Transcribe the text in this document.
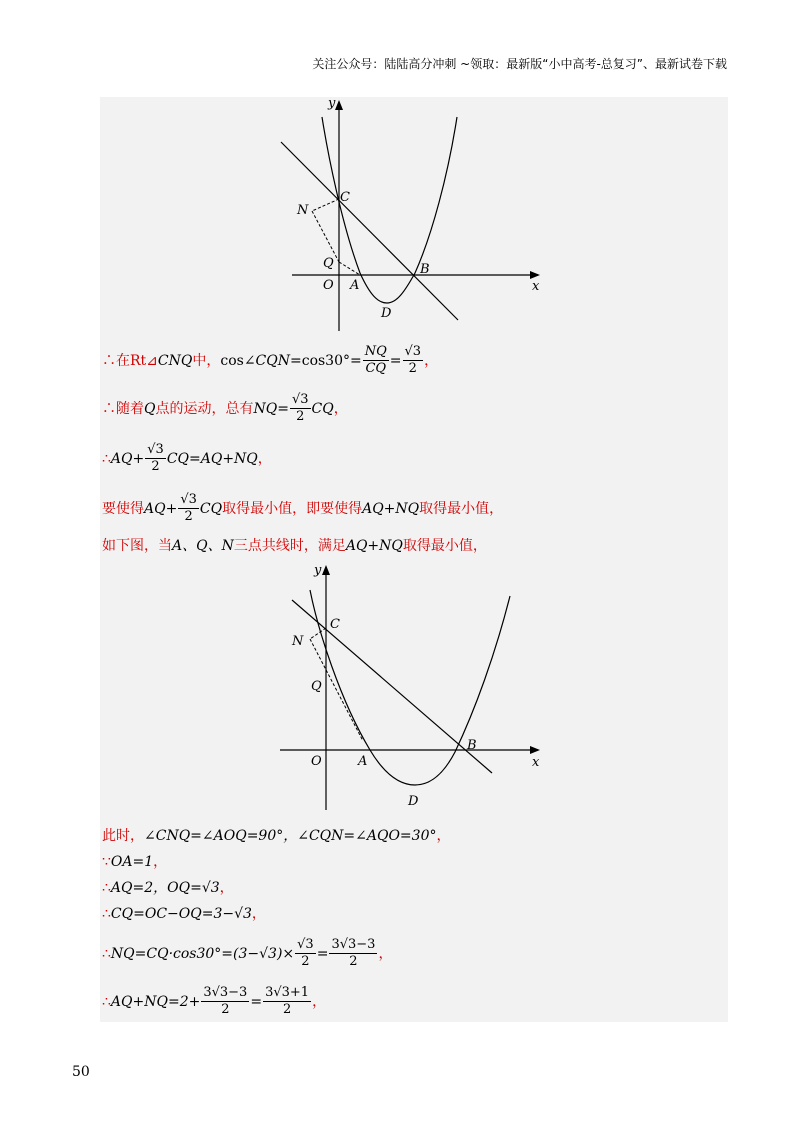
关注公众号：陆陆高分冲刺 ~领取：最新版“小中高考-总复习”、最新试卷下载
y
x
C
N
Q
O A
B
D
∴在Rt⊿CNQ中，cos∠CQN=cos30°= $\frac{NQ}{CQ} = \frac{√3}{2}$ ，
∴随着Q点的运动，总有$NQ= \frac{√3}{2}$ CQ，
∴AQ+ $\frac{√3}{2} CQ=AQ+NQ$，
要使得$AQ+ \frac{√3}{2}$ CQ取得最小值，即要使得AQ+NQ取得最小值，
如下图，当A、Q、N三点共线时，满足AQ+NQ取得最小值，
y
x
C
N
Q
O	A
B
D
此时，∠CNQ=∠AOQ=90°，∠CQN=∠AQO=30°，
∵OA=1，
∴AQ=2，OQ=√3，
∴CQ=OC−OQ=3−√3，
∴NQ=CQ·cos30°=(3−√3)× $\frac{√3}{2} = \frac{3√3-3}{2}$ ，
∴AQ+NQ=2+ $\frac{3√3-3}{2} = \frac{3√3+1}{2}$ ，
50
